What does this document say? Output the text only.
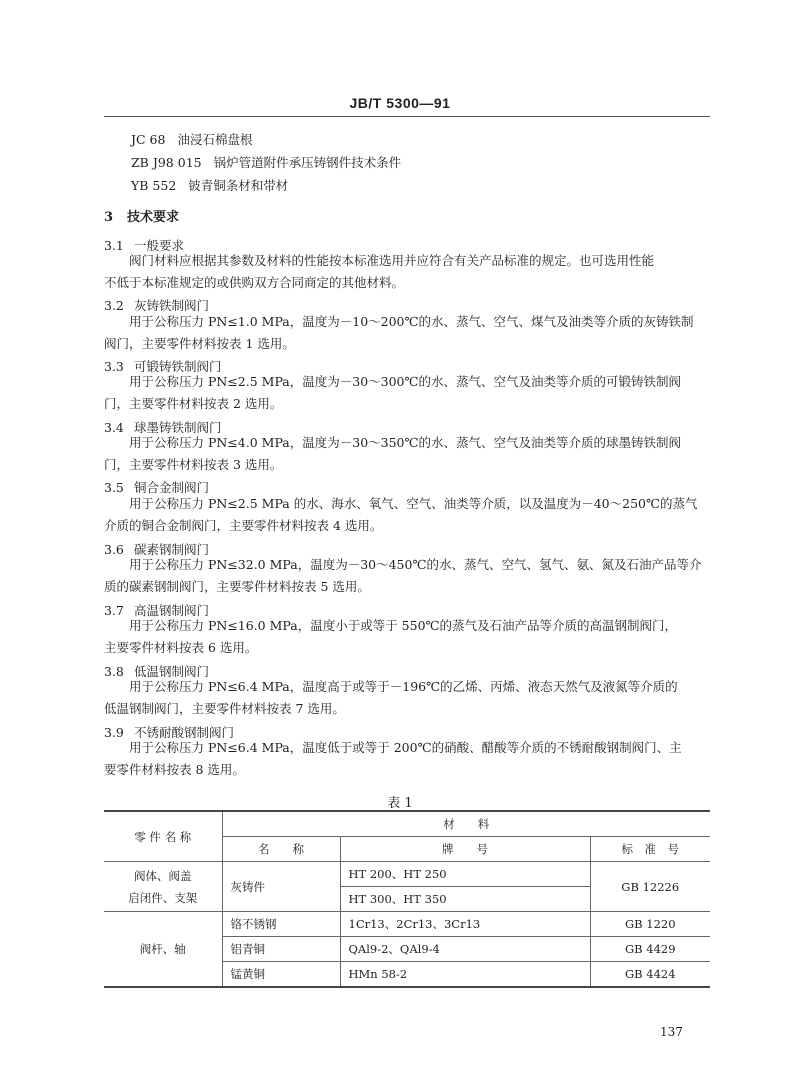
JB/T 5300—91
JC 68 油浸石棉盘根
ZB J98 015 锅炉管道附件承压铸钢件技术条件
YB 552 铍青铜条材和带材
3 技术要求
3.1 一般要求
阀门材料应根据其参数及材料的性能按本标准选用并应符合有关产品标准的规定。也可选用性能
不低于本标准规定的或供购双方合同商定的其他材料。
3.2 灰铸铁制阀门
用于公称压力 PN≤1.0 MPa，温度为－10～200℃的水、蒸气、空气、煤气及油类等介质的灰铸铁制
阀门，主要零件材料按表 1 选用。
3.3 可锻铸铁制阀门
用于公称压力 PN≤2.5 MPa，温度为－30～300℃的水、蒸气、空气及油类等介质的可锻铸铁制阀
门，主要零件材料按表 2 选用。
3.4 球墨铸铁制阀门
用于公称压力 PN≤4.0 MPa，温度为－30～350℃的水、蒸气、空气及油类等介质的球墨铸铁制阀
门，主要零件材料按表 3 选用。
3.5 铜合金制阀门
用于公称压力 PN≤2.5 MPa 的水、海水、氧气、空气、油类等介质，以及温度为－40～250℃的蒸气
介质的铜合金制阀门，主要零件材料按表 4 选用。
3.6 碳素钢制阀门
用于公称压力 PN≤32.0 MPa，温度为－30～450℃的水、蒸气、空气、氢气、氨、氮及石油产品等介
质的碳素钢制阀门，主要零件材料按表 5 选用。
3.7 高温钢制阀门
用于公称压力 PN≤16.0 MPa，温度小于或等于 550℃的蒸气及石油产品等介质的高温钢制阀门，
主要零件材料按表 6 选用。
3.8 低温钢制阀门
用于公称压力 PN≤6.4 MPa，温度高于或等于－196℃的乙烯、丙烯、液态天然气及液氮等介质的
低温钢制阀门，主要零件材料按表 7 选用。
3.9 不锈耐酸钢制阀门
用于公称压力 PN≤6.4 MPa，温度低于或等于 200℃的硝酸、醋酸等介质的不锈耐酸钢制阀门、主
要零件材料按表 8 选用。
表 1
零 件 名 称	材　　料		
	名　　称	牌　　号	标　准　号

阀体、阀盖
启闭件、支架	灰铸件	HT 200、HT 250	GB 12226
		HT 300、HT 350	
阀杆、轴	铬不锈钢	1Cr13、2Cr13、3Cr13	GB 1220
	铝青铜	QAl9-2、QAl9-4	GB 4429
	锰黄铜	HMn 58-2	GB 4424
137
